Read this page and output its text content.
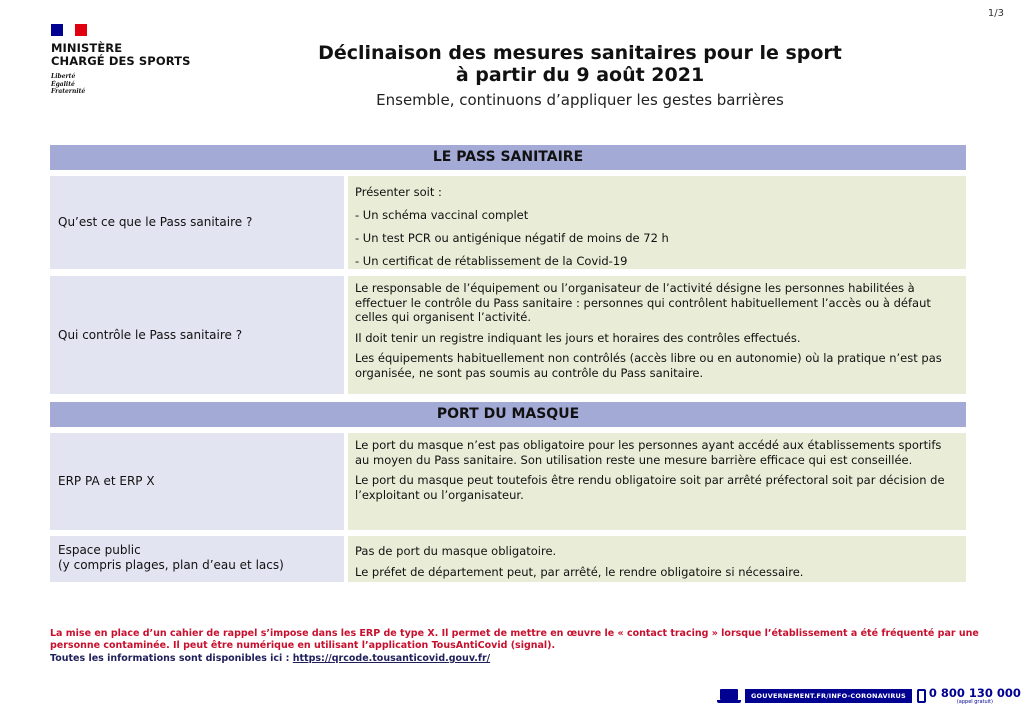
1/3
MINISTÈRE
CHARGÉ DES SPORTS
Liberté
Égalité
Fraternité
Déclinaison des mesures sanitaires pour le sport
à partir du 9 août 2021
Ensemble, continuons d’appliquer les gestes barrières
LE PASS SANITAIRE
Qu’est ce que le Pass sanitaire ?
Présenter soit :
- Un schéma vaccinal complet
- Un test PCR ou antigénique négatif de moins de 72 h
- Un certificat de rétablissement de la Covid-19
Qui contrôle le Pass sanitaire ?

Le responsable de l’équipement ou l’organisateur de l’activité désigne les personnes habilitées à effectuer le contrôle du Pass sanitaire : personnes qui contrôlent habituellement l’accès ou à défaut celles qui organisent l’activité.

Il doit tenir un registre indiquant les jours et horaires des contrôles effectués.

Les équipements habituellement non contrôlés (accès libre ou en autonomie) où la pratique n’est pas organisée, ne sont pas soumis au contrôle du Pass sanitaire.

PORT DU MASQUE
ERP PA et ERP X

Le port du masque n’est pas obligatoire pour les personnes ayant accédé aux établissements sportifs au moyen du Pass sanitaire. Son utilisation reste une mesure barrière efficace qui est conseillée.

Le port du masque peut toutefois être rendu obligatoire soit par arrêté préfectoral soit par décision de l’exploitant ou l’organisateur.

Espace public
(y compris plages, plan d’eau et lacs)
Pas de port du masque obligatoire.
Le préfet de département peut, par arrêté, le rendre obligatoire si nécessaire.
La mise en place d’un cahier de rappel s’impose dans les ERP de type X. Il permet de mettre en œuvre le « contact tracing » lorsque l’établissement a été fréquenté par une personne contaminée. Il peut être numérique en utilisant l’application TousAntiCovid (signal).
Toutes les informations sont disponibles ici : https://qrcode.tousanticovid.gouv.fr/
GOUVERNEMENT.FR/INFO-CORONAVIRUS	0 800 130 000
(appel gratuit)
